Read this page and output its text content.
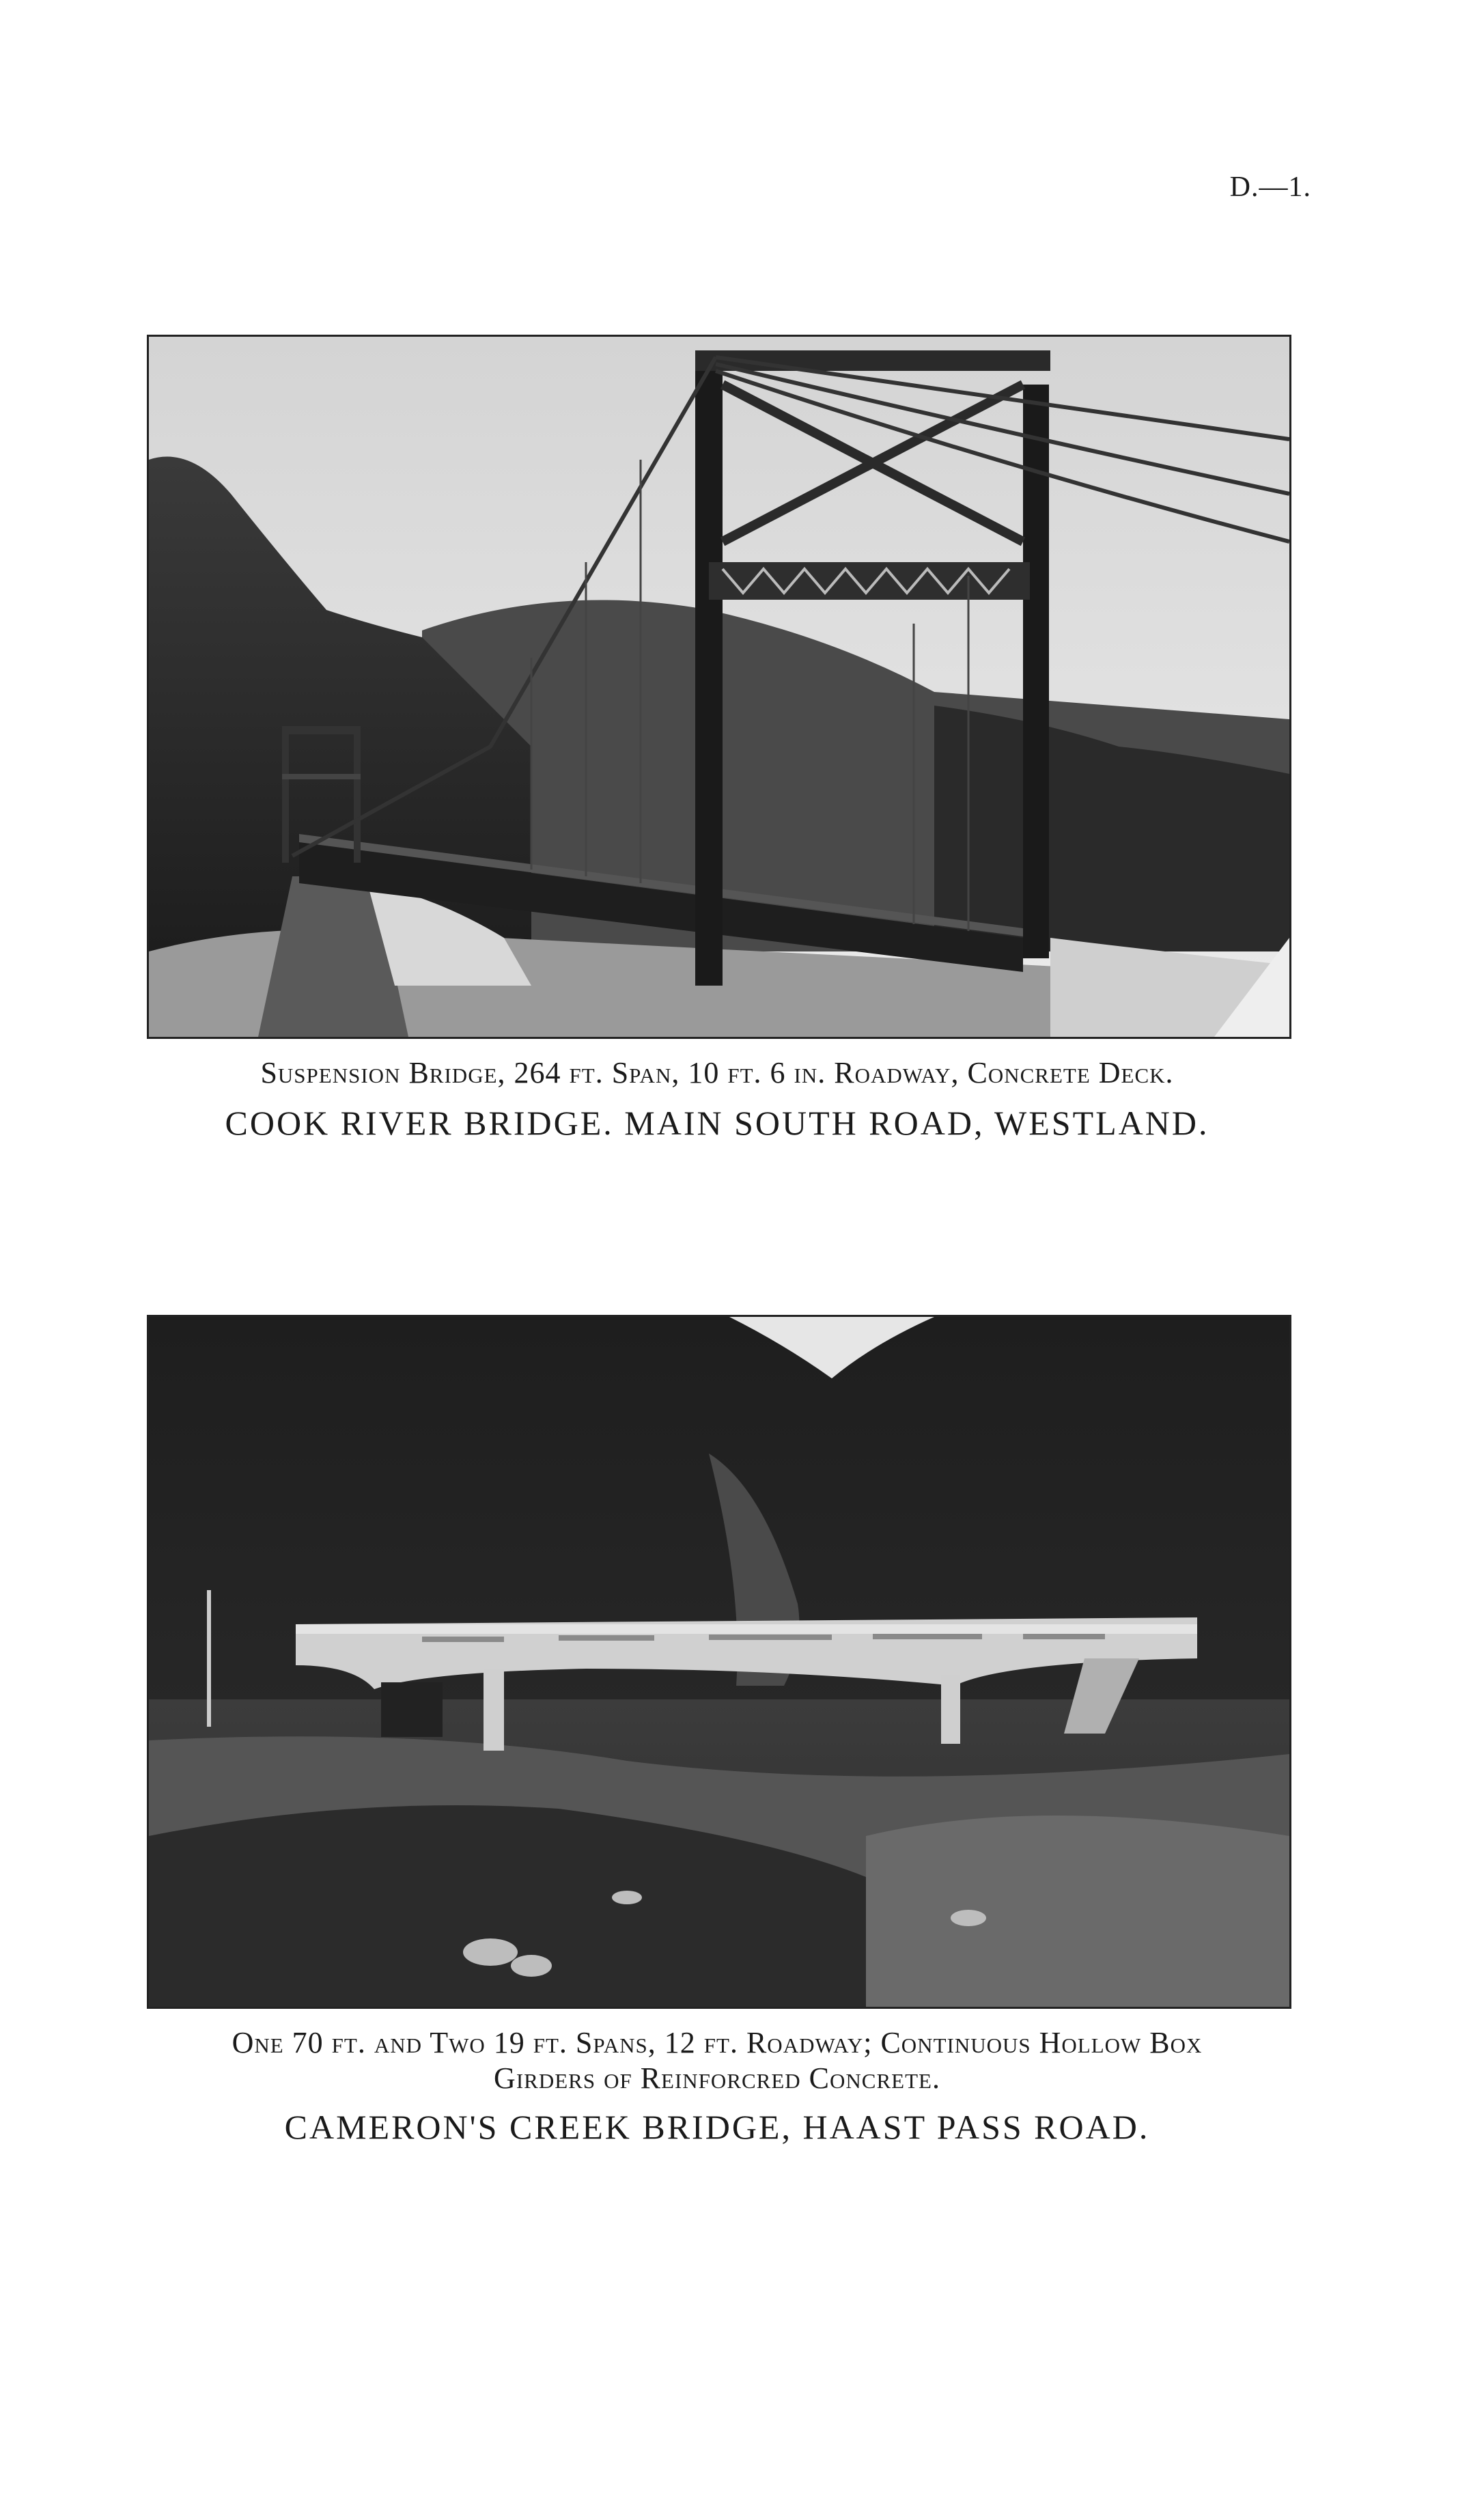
D.—1.
Suspension Bridge, 264 ft. Span, 10 ft. 6 in. Roadway, Concrete Deck.
COOK RIVER BRIDGE. MAIN SOUTH ROAD, WESTLAND.
One 70 ft. and Two 19 ft. Spans, 12 ft. Roadway; Continuous Hollow Box
Girders of Reinforcred Concrete.
CAMERON'S CREEK BRIDGE, HAAST PASS ROAD.
